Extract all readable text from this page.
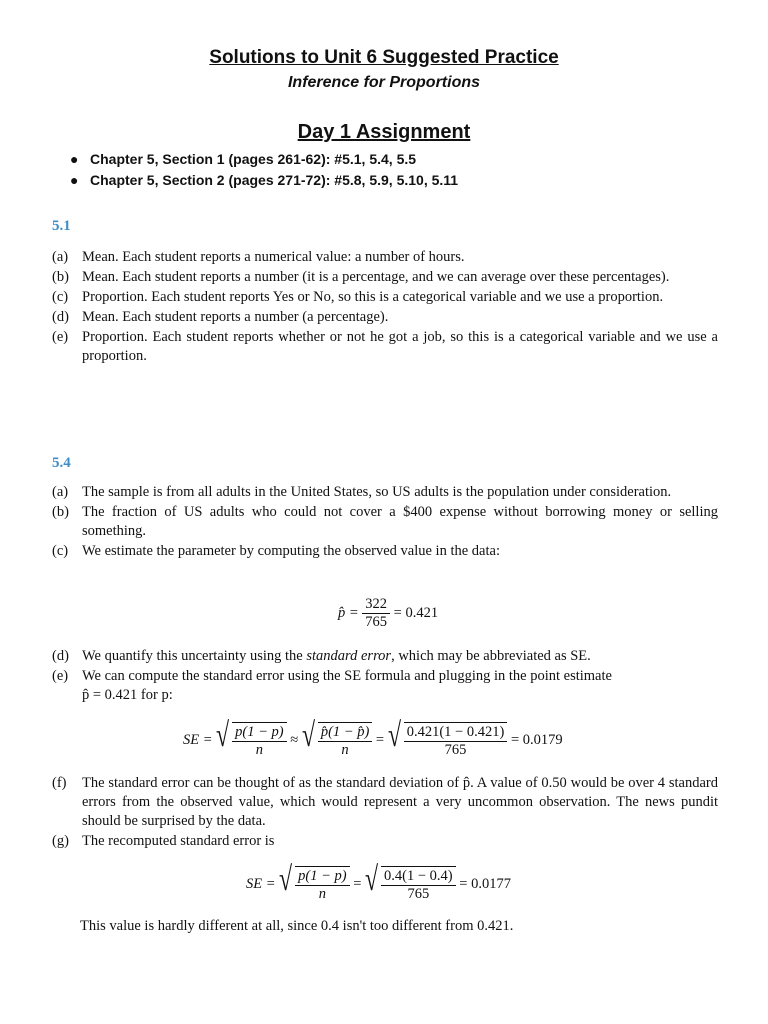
Solutions to Unit 6 Suggested Practice
Inference for Proportions
Day 1 Assignment
● Chapter 5, Section 1 (pages 261-62): #5.1, 5.4, 5.5
● Chapter 5, Section 2 (pages 271-72): #5.8, 5.9, 5.10, 5.11
5.1
(a) Mean. Each student reports a numerical value: a number of hours.
(b) Mean. Each student reports a number (it is a percentage, and we can average over these percentages).
(c) Proportion. Each student reports Yes or No, so this is a categorical variable and we use a proportion.
(d) Mean. Each student reports a number (a percentage).
(e) Proportion. Each student reports whether or not he got a job, so this is a categorical variable and we use a proportion.
5.4
(a) The sample is from all adults in the United States, so US adults is the population under consideration.
(b) The fraction of US adults who could not cover a $400 expense without borrowing money or selling something.
(c) We estimate the parameter by computing the observed value in the data:
p̂ = $\frac{322}{765} = 0.421$
(d) We quantify this uncertainty using the standard error, which may be abbreviated as SE.
(e) We can compute the standard error using the SE formula and plugging in the point estimate
p̂ = 0.421 for p:
SE = √ $\frac{p(1 - p)}{n}$ ≈ √ $\frac{p̂(1 - p̂)}{n}$ = √ $\frac{0.421(1 - 0.421)}{765} = 0.0179$
(f) The standard error can be thought of as the standard deviation of p̂. A value of 0.50 would be over 4 standard errors from the observed value, which would represent a very uncommon observation. The news pundit should be surprised by the data.
(g) The recomputed standard error is
SE = √ $\frac{p(1 - p)}{n}$ = √ $\frac{0.4(1 - 0.4)}{765} = 0.0177$
This value is hardly different at all, since 0.4 isn't too different from 0.421.
